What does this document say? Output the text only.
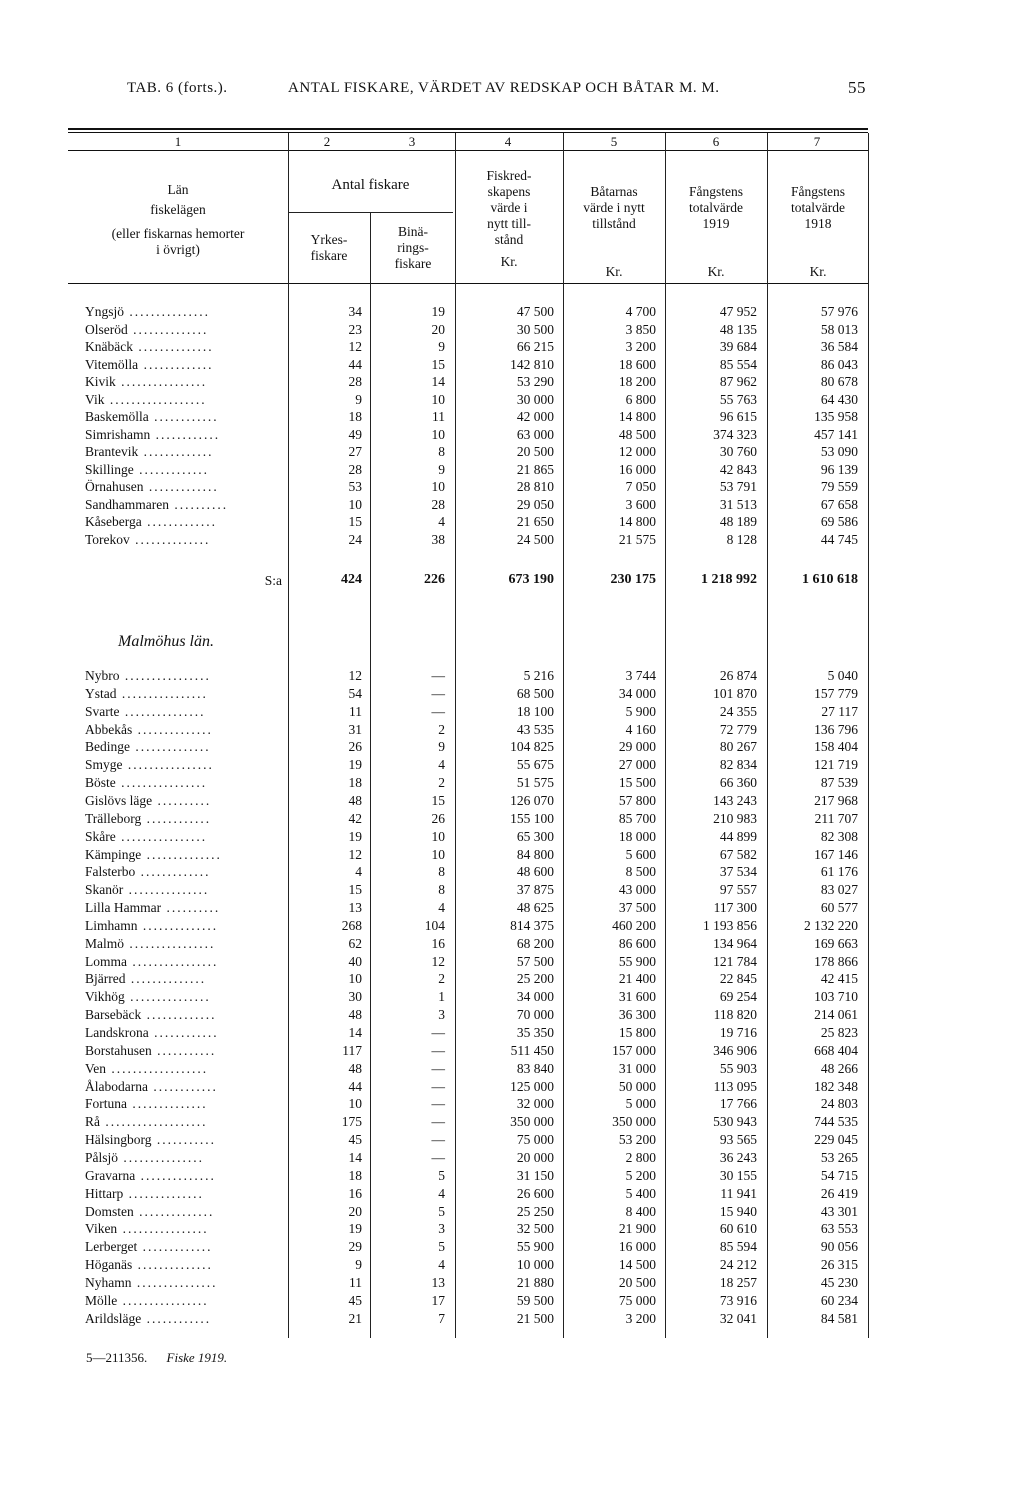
TAB. 6 (forts.).	ANTAL FISKARE, VÄRDET AV REDSKAP OCH BÅTAR M. M.	55
1	2	3	4	5	6	7
Län
fiskelägen
(eller fiskarnas hemorter
i övrigt)
Antal fiskare
Yrkes-
fiskare
Binä-
rings-
fiskare
Fiskred-
skapens
värde i
nytt till-
stånd
Kr.
Båtarnas
värde i nytt
tillstånd
Kr.
Fångstens
totalvärde
1919
Kr.
Fångstens
totalvärde
1918
Kr.
Malmöhus län.
Yngsjö ...............	34	19	47 500	4 700	47 952	57 976
Olseröd ..............	23	20	30 500	3 850	48 135	58 013
Knäbäck ..............	12	9	66 215	3 200	39 684	36 584
Vitemölla .............	44	15	142 810	18 600	85 554	86 043
Kivik ................	28	14	53 290	18 200	87 962	80 678
Vik ..................	9	10	30 000	6 800	55 763	64 430
Baskemölla ............	18	11	42 000	14 800	96 615	135 958
Simrishamn ............	49	10	63 000	48 500	374 323	457 141
Brantevik .............	27	8	20 500	12 000	30 760	53 090
Skillinge .............	28	9	21 865	16 000	42 843	96 139
Örnahusen .............	53	10	28 810	7 050	53 791	79 559
Sandhammaren ..........	10	28	29 050	3 600	31 513	67 658
Kåseberga .............	15	4	21 650	14 800	48 189	69 586
Torekov ..............	24	38	24 500	21 575	8 128	44 745
S:a	424	226	673 190	230 175	1 218 992	1 610 618
Nybro ................	12	—	5 216	3 744	26 874	5 040
Ystad ................	54	—	68 500	34 000	101 870	157 779
Svarte ...............	11	—	18 100	5 900	24 355	27 117
Abbekås ..............	31	2	43 535	4 160	72 779	136 796
Bedinge ..............	26	9	104 825	29 000	80 267	158 404
Smyge ................	19	4	55 675	27 000	82 834	121 719
Böste ................	18	2	51 575	15 500	66 360	87 539
Gislövs läge ..........	48	15	126 070	57 800	143 243	217 968
Trälleborg ............	42	26	155 100	85 700	210 983	211 707
Skåre ................	19	10	65 300	18 000	44 899	82 308
Kämpinge ..............	12	10	84 800	5 600	67 582	167 146
Falsterbo .............	4	8	48 600	8 500	37 534	61 176
Skanör ...............	15	8	37 875	43 000	97 557	83 027
Lilla Hammar ..........	13	4	48 625	37 500	117 300	60 577
Limhamn ..............	268	104	814 375	460 200	1 193 856	2 132 220
Malmö ................	62	16	68 200	86 600	134 964	169 663
Lomma ................	40	12	57 500	55 900	121 784	178 866
Bjärred ..............	10	2	25 200	21 400	22 845	42 415
Vikhög ...............	30	1	34 000	31 600	69 254	103 710
Barsebäck .............	48	3	70 000	36 300	118 820	214 061
Landskrona ............	14	—	35 350	15 800	19 716	25 823
Borstahusen ...........	117	—	511 450	157 000	346 906	668 404
Ven ..................	48	—	83 840	31 000	55 903	48 266
Ålabodarna ............	44	—	125 000	50 000	113 095	182 348
Fortuna ..............	10	—	32 000	5 000	17 766	24 803
Rå ...................	175	—	350 000	350 000	530 943	744 535
Hälsingborg ...........	45	—	75 000	53 200	93 565	229 045
Pålsjö ...............	14	—	20 000	2 800	36 243	53 265
Gravarna ..............	18	5	31 150	5 200	30 155	54 715
Hittarp ..............	16	4	26 600	5 400	11 941	26 419
Domsten ..............	20	5	25 250	8 400	15 940	43 301
Viken ................	19	3	32 500	21 900	60 610	63 553
Lerberget .............	29	5	55 900	16 000	85 594	90 056
Höganäs ..............	9	4	10 000	14 500	24 212	26 315
Nyhamn ...............	11	13	21 880	20 500	18 257	45 230
Mölle ................	45	17	59 500	75 000	73 916	60 234
Arildsläge ............	21	7	21 500	3 200	32 041	84 581
5—211356. Fiske 1919.
